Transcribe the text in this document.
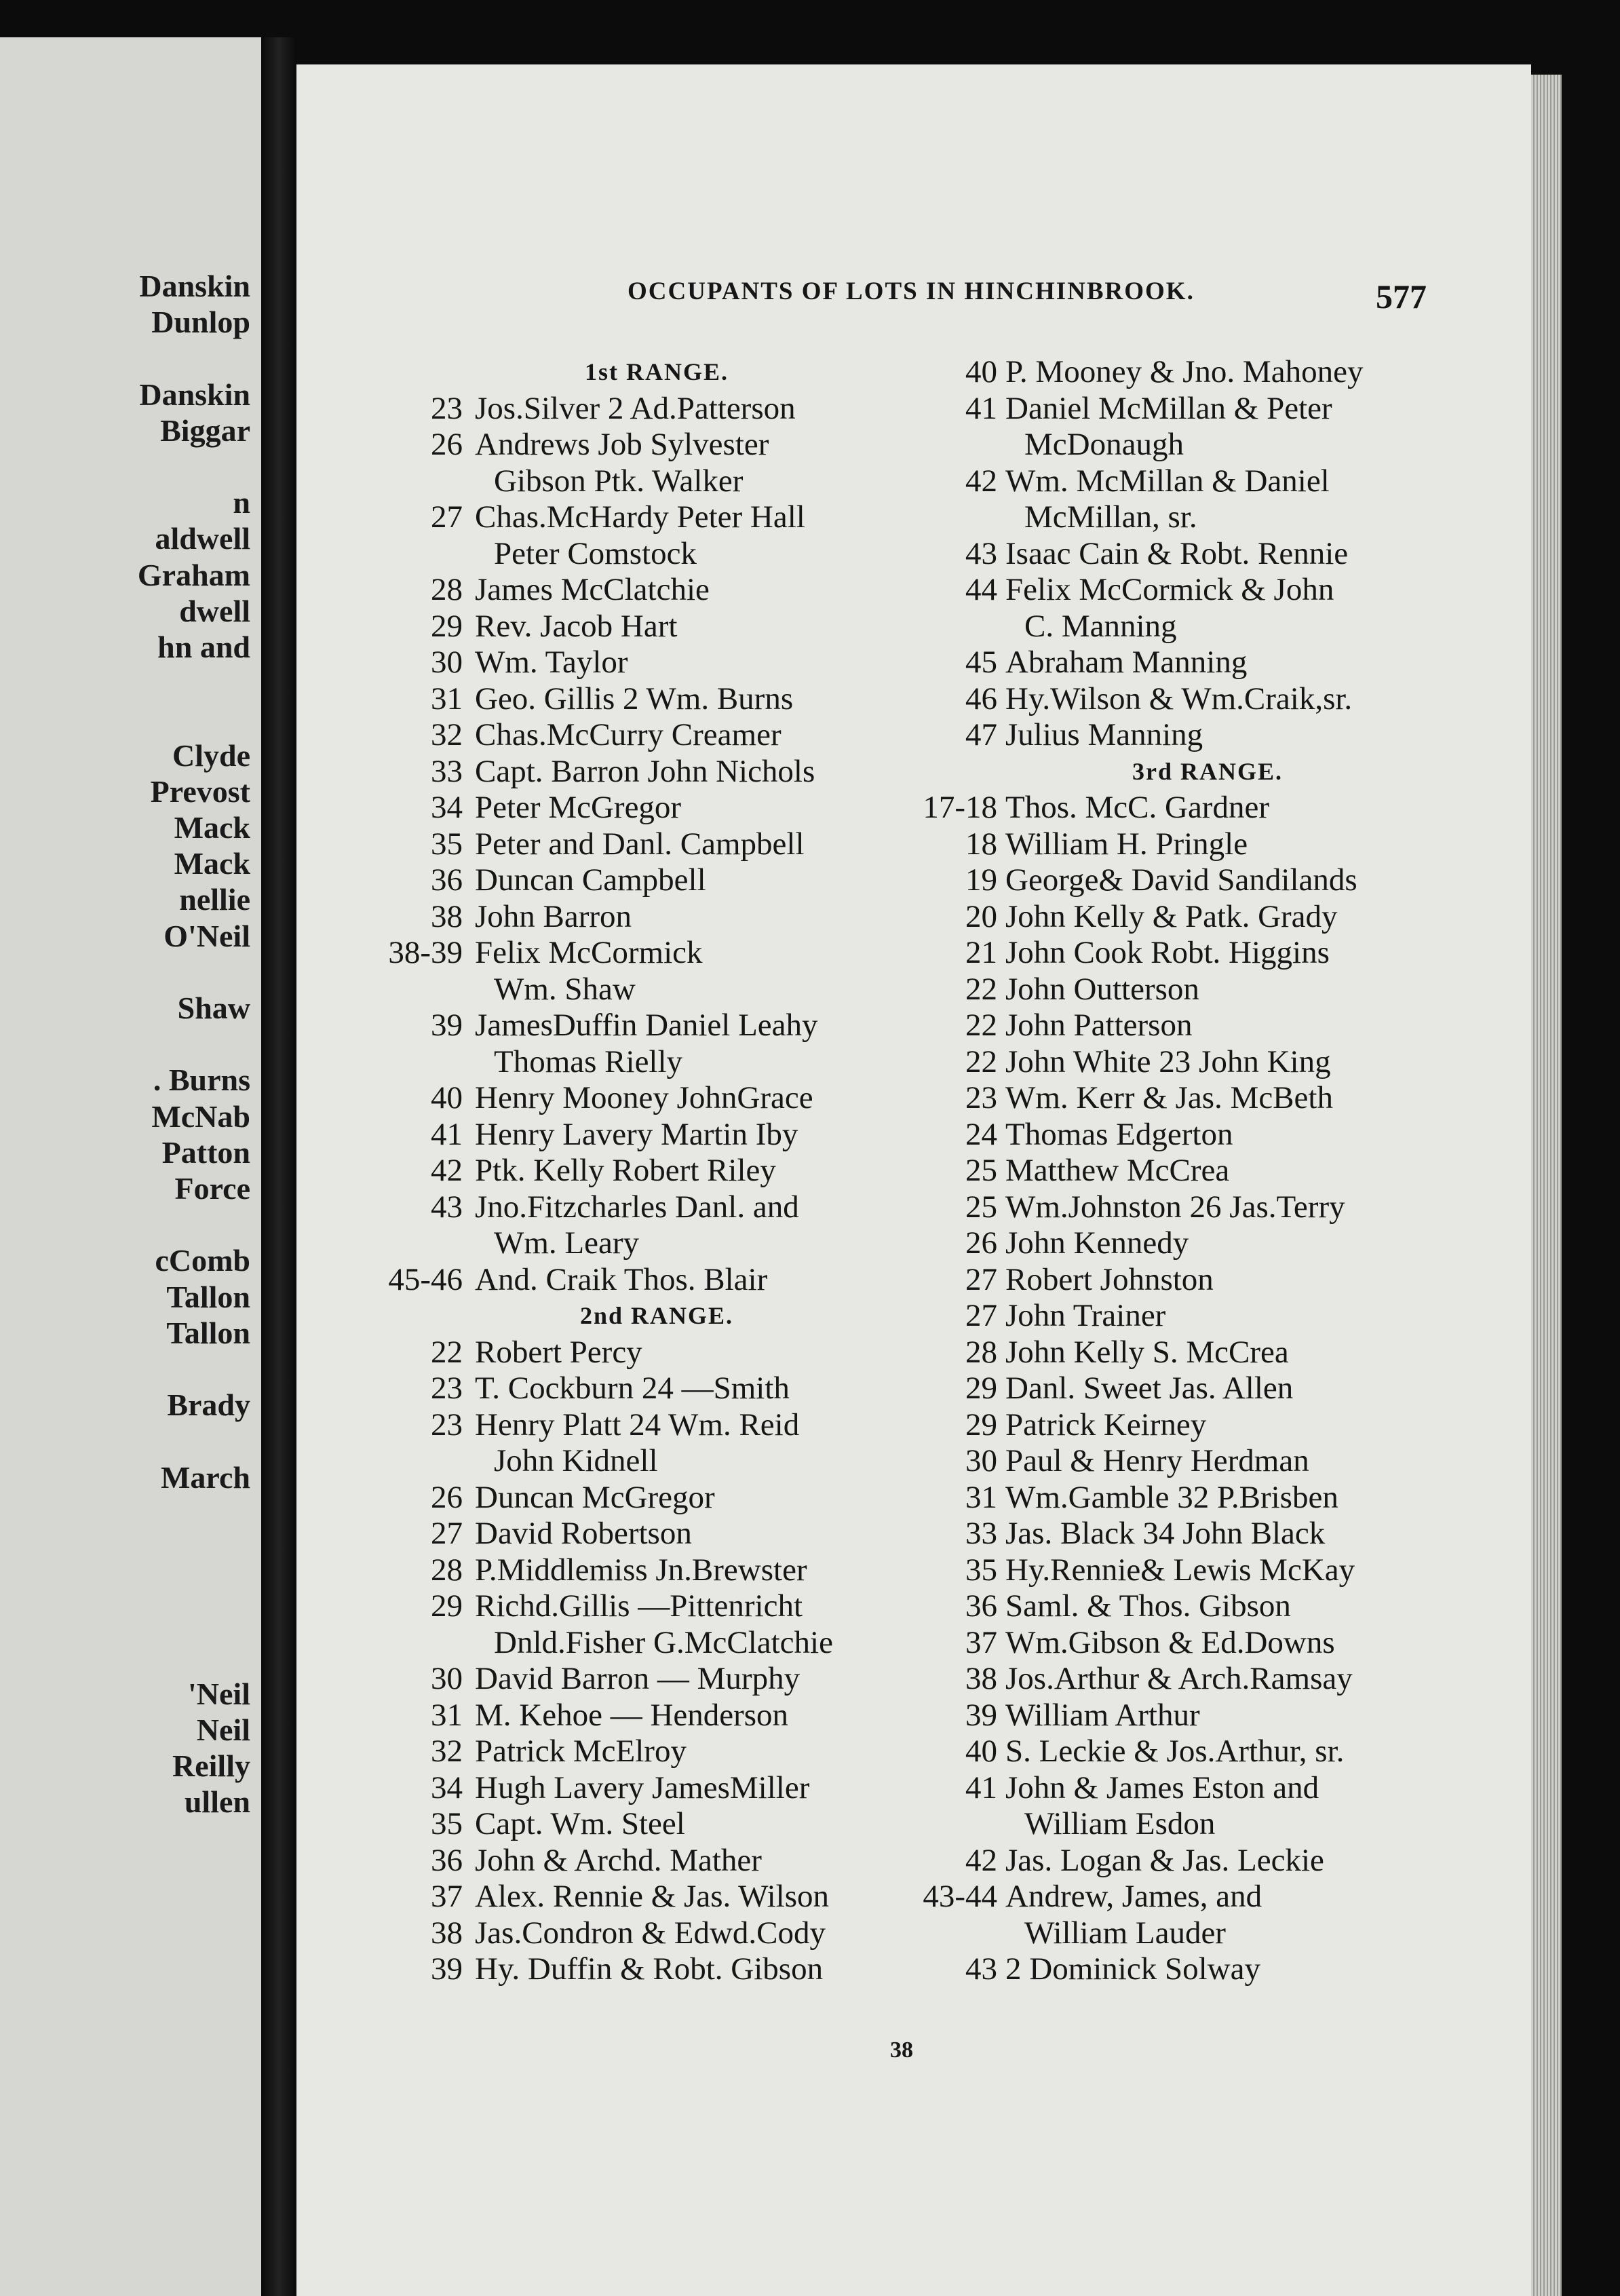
Danskin
Dunlop
Danskin
Biggar
n
aldwell
Graham
dwell
hn and
Clyde
Prevost
Mack
Mack
nellie
O'Neil
Shaw
. Burns
McNab
Patton
Force
cComb
Tallon
Tallon
Brady
March
'Neil
Neil
Reilly
ullen
OCCUPANTS OF LOTS IN HINCHINBROOK.	577
1st RANGE.
23 Jos.Silver 2 Ad.Patterson
26 Andrews Job Sylvester
Gibson Ptk. Walker
27 Chas.McHardy Peter Hall
Peter Comstock
28 James McClatchie
29 Rev. Jacob Hart
30 Wm. Taylor
31 Geo. Gillis 2 Wm. Burns
32 Chas.McCurry Creamer
33 Capt. Barron John Nichols
34 Peter McGregor
35 Peter and Danl. Campbell
36 Duncan Campbell
38 John Barron
38-39 Felix McCormick
Wm. Shaw
39 JamesDuffin Daniel Leahy
Thomas Rielly
40 Henry Mooney JohnGrace
41 Henry Lavery Martin Iby
42 Ptk. Kelly Robert Riley
43 Jno.Fitzcharles Danl. and
Wm. Leary
45-46 And. Craik Thos. Blair
2nd RANGE.
22 Robert Percy
23 T. Cockburn 24 —Smith
23 Henry Platt 24 Wm. Reid
John Kidnell
26 Duncan McGregor
27 David Robertson
28 P.Middlemiss Jn.Brewster
29 Richd.Gillis —Pittenricht
Dnld.Fisher G.McClatchie
30 David Barron — Murphy
31 M. Kehoe — Henderson
32 Patrick McElroy
34 Hugh Lavery JamesMiller
35 Capt. Wm. Steel
36 John & Archd. Mather
37 Alex. Rennie & Jas. Wilson
38 Jas.Condron & Edwd.Cody
39 Hy. Duffin & Robt. Gibson
40 P. Mooney & Jno. Mahoney
41 Daniel McMillan & Peter
McDonaugh
42 Wm. McMillan & Daniel
McMillan, sr.
43 Isaac Cain & Robt. Rennie
44 Felix McCormick & John
C. Manning
45 Abraham Manning
46 Hy.Wilson & Wm.Craik,sr.
47 Julius Manning
3rd RANGE.
17-18 Thos. McC. Gardner
18 William H. Pringle
19 George& David Sandilands
20 John Kelly & Patk. Grady
21 John Cook Robt. Higgins
22 John Outterson
22 John Patterson
22 John White 23 John King
23 Wm. Kerr & Jas. McBeth
24 Thomas Edgerton
25 Matthew McCrea
25 Wm.Johnston 26 Jas.Terry
26 John Kennedy
27 Robert Johnston
27 John Trainer
28 John Kelly S. McCrea
29 Danl. Sweet Jas. Allen
29 Patrick Keirney
30 Paul & Henry Herdman
31 Wm.Gamble 32 P.Brisben
33 Jas. Black 34 John Black
35 Hy.Rennie& Lewis McKay
36 Saml. & Thos. Gibson
37 Wm.Gibson & Ed.Downs
38 Jos.Arthur & Arch.Ramsay
39 William Arthur
40 S. Leckie & Jos.Arthur, sr.
41 John & James Eston and
William Esdon
42 Jas. Logan & Jas. Leckie
43-44 Andrew, James, and
William Lauder
43 2 Dominick Solway
38
